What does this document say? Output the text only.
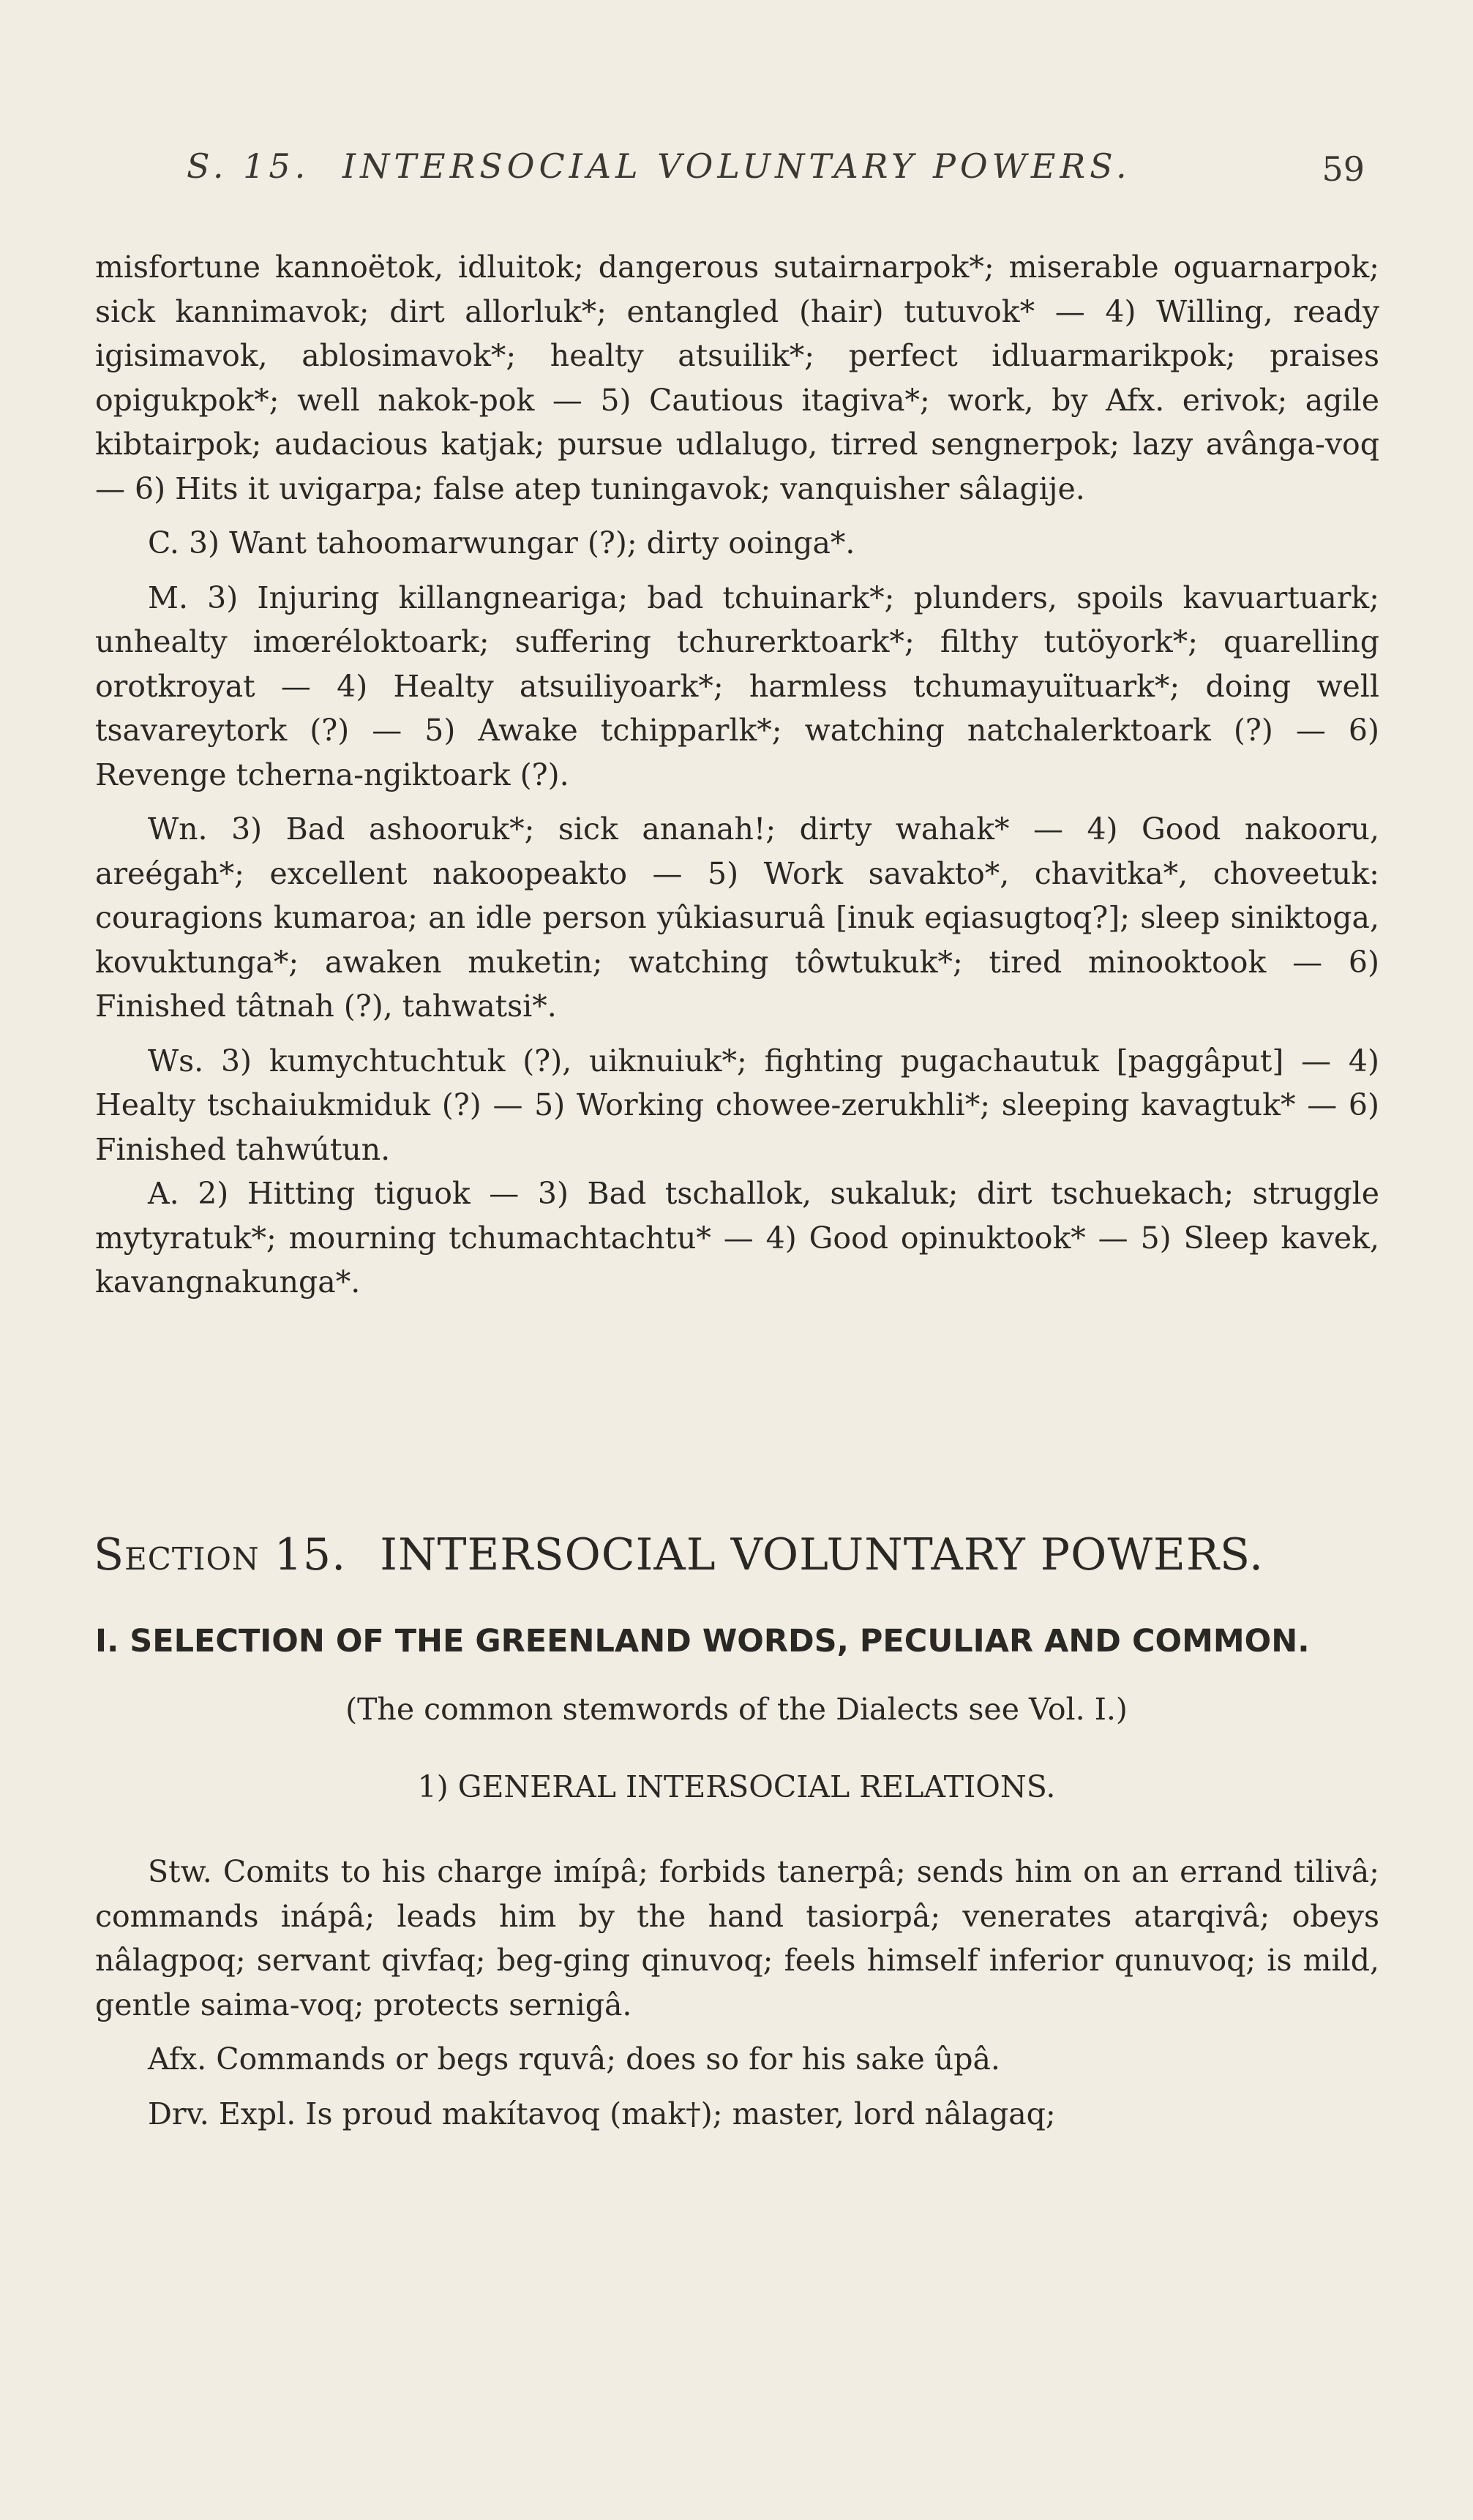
S. 15. INTERSOCIAL VOLUNTARY POWERS.	59

misfortune kannoëtok, idluitok; dangerous sutairnarpok*; miserable oguarnarpok; sick kannimavok; dirt allorluk*; entangled (hair) tutuvok* — 4) Willing, ready igisimavok, ablosimavok*; healty atsuilik*; perfect idluarmarikpok; praises opigukpok*; well nakok-pok — 5) Cautious itagiva*; work, by Afx. erivok; agile kibtairpok; audacious katjak; pursue udlalugo, tirred sengnerpok; lazy avânga-voq — 6) Hits it uvigarpa; false atep tuningavok; vanquisher sâlagije.

C. 3) Want tahoomarwungar (?); dirty ooinga*.

M. 3) Injuring killangneariga; bad tchuinark*; plunders, spoils kavuartuark; unhealty imœréloktoark; suffering tchurerktoark*; filthy tutöyork*; quarelling orotkroyat — 4) Healty atsuiliyoark*; harmless tchumayuïtuark*; doing well tsavareytork (?) — 5) Awake tchipparlk*; watching natchalerktoark (?) — 6) Revenge tcherna-ngiktoark (?).

Wn. 3) Bad ashooruk*; sick ananah!; dirty wahak* — 4) Good nakooru, areégah*; excellent nakoopeakto — 5) Work savakto*, chavitka*, choveetuk: couragions kumaroa; an idle person yûkiasuruâ [inuk eqiasugtoq?]; sleep siniktoga, kovuktunga*; awaken muketin; watching tôwtukuk*; tired minooktook — 6) Finished tâtnah (?), tahwatsi*.

Ws. 3) kumychtuchtuk (?), uiknuiuk*; fighting pugachautuk [paggâput] — 4) Healty tschaiukmiduk (?) — 5) Working chowee-zerukhli*; sleeping kavagtuk* — 6) Finished tahwútun.

A. 2) Hitting tiguok — 3) Bad tschallok, sukaluk; dirt tschuekach; struggle mytyratuk*; mourning tchumachtachtu* — 4) Good opinuktook* — 5) Sleep kavek, kavangnakunga*.

Section 15. INTERSOCIAL VOLUNTARY POWERS.
I. SELECTION OF THE GREENLAND WORDS, PECULIAR AND COMMON.
(The common stemwords of the Dialects see Vol. I.)
1) GENERAL INTERSOCIAL RELATIONS.

Stw. Comits to his charge imípâ; forbids tanerpâ; sends him on an errand tilivâ; commands inápâ; leads him by the hand tasiorpâ; venerates atarqivâ; obeys nâlagpoq; servant qivfaq; beg-ging qinuvoq; feels himself inferior qunuvoq; is mild, gentle saima-voq; protects sernigâ.

Afx. Commands or begs rquvâ; does so for his sake ûpâ.

Drv. Expl. Is proud makítavoq (mak†); master, lord nâlagaq;
